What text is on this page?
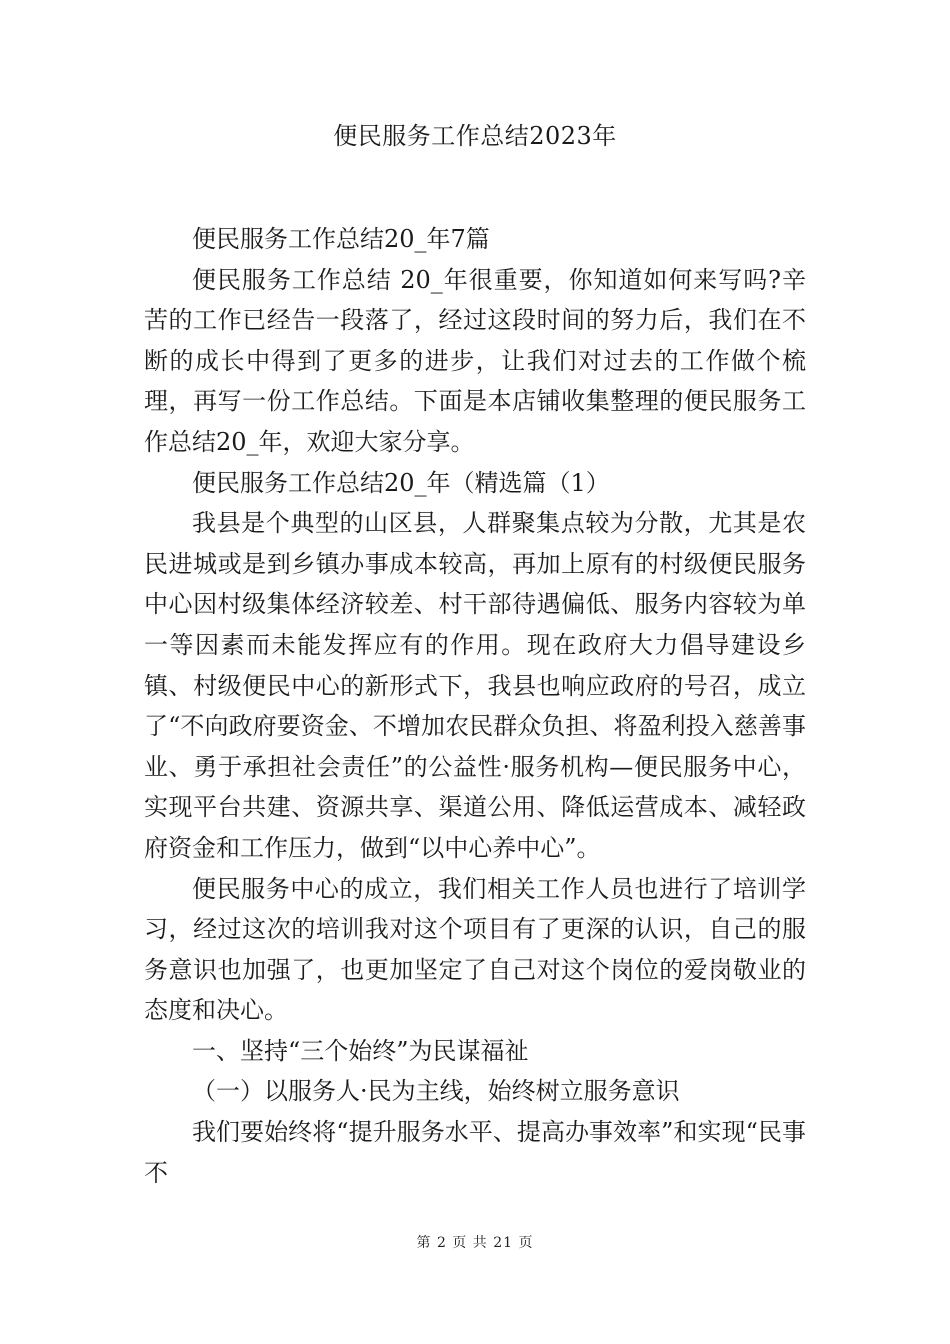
便民服务工作总结2023年

便民服务工作总结20_年7篇

便民服务工作总结 20_年很重要，你知道如何来写吗?辛苦的工作已经告一段落了，经过这段时间的努力后，我们在不断的成长中得到了更多的进步，让我们对过去的工作做个梳理，再写一份工作总结。下面是本店铺收集整理的便民服务工作总结20_年，欢迎大家分享。

便民服务工作总结20_年（精选篇（1）

我县是个典型的山区县，人群聚集点较为分散，尤其是农民进城或是到乡镇办事成本较高，再加上原有的村级便民服务中心因村级集体经济较差、村干部待遇偏低、服务内容较为单一等因素而未能发挥应有的作用。现在政府大力倡导建设乡镇、村级便民中心的新形式下，我县也响应政府的号召，成立了“不向政府要资金、不增加农民群众负担、将盈利投入慈善事业、勇于承担社会责任”的公益性·服务机构—便民服务中心，实现平台共建、资源共享、渠道公用、降低运营成本、减轻政府资金和工作压力，做到“以中心养中心”。

便民服务中心的成立，我们相关工作人员也进行了培训学习，经过这次的培训我对这个项目有了更深的认识，自己的服务意识也加强了，也更加坚定了自己对这个岗位的爱岗敬业的态度和决心。

一、坚持“三个始终”为民谋福祉

（一）以服务人·民为主线，始终树立服务意识

我们要始终将“提升服务水平、提高办事效率”和实现“民事不

第 2 页 共 21 页
